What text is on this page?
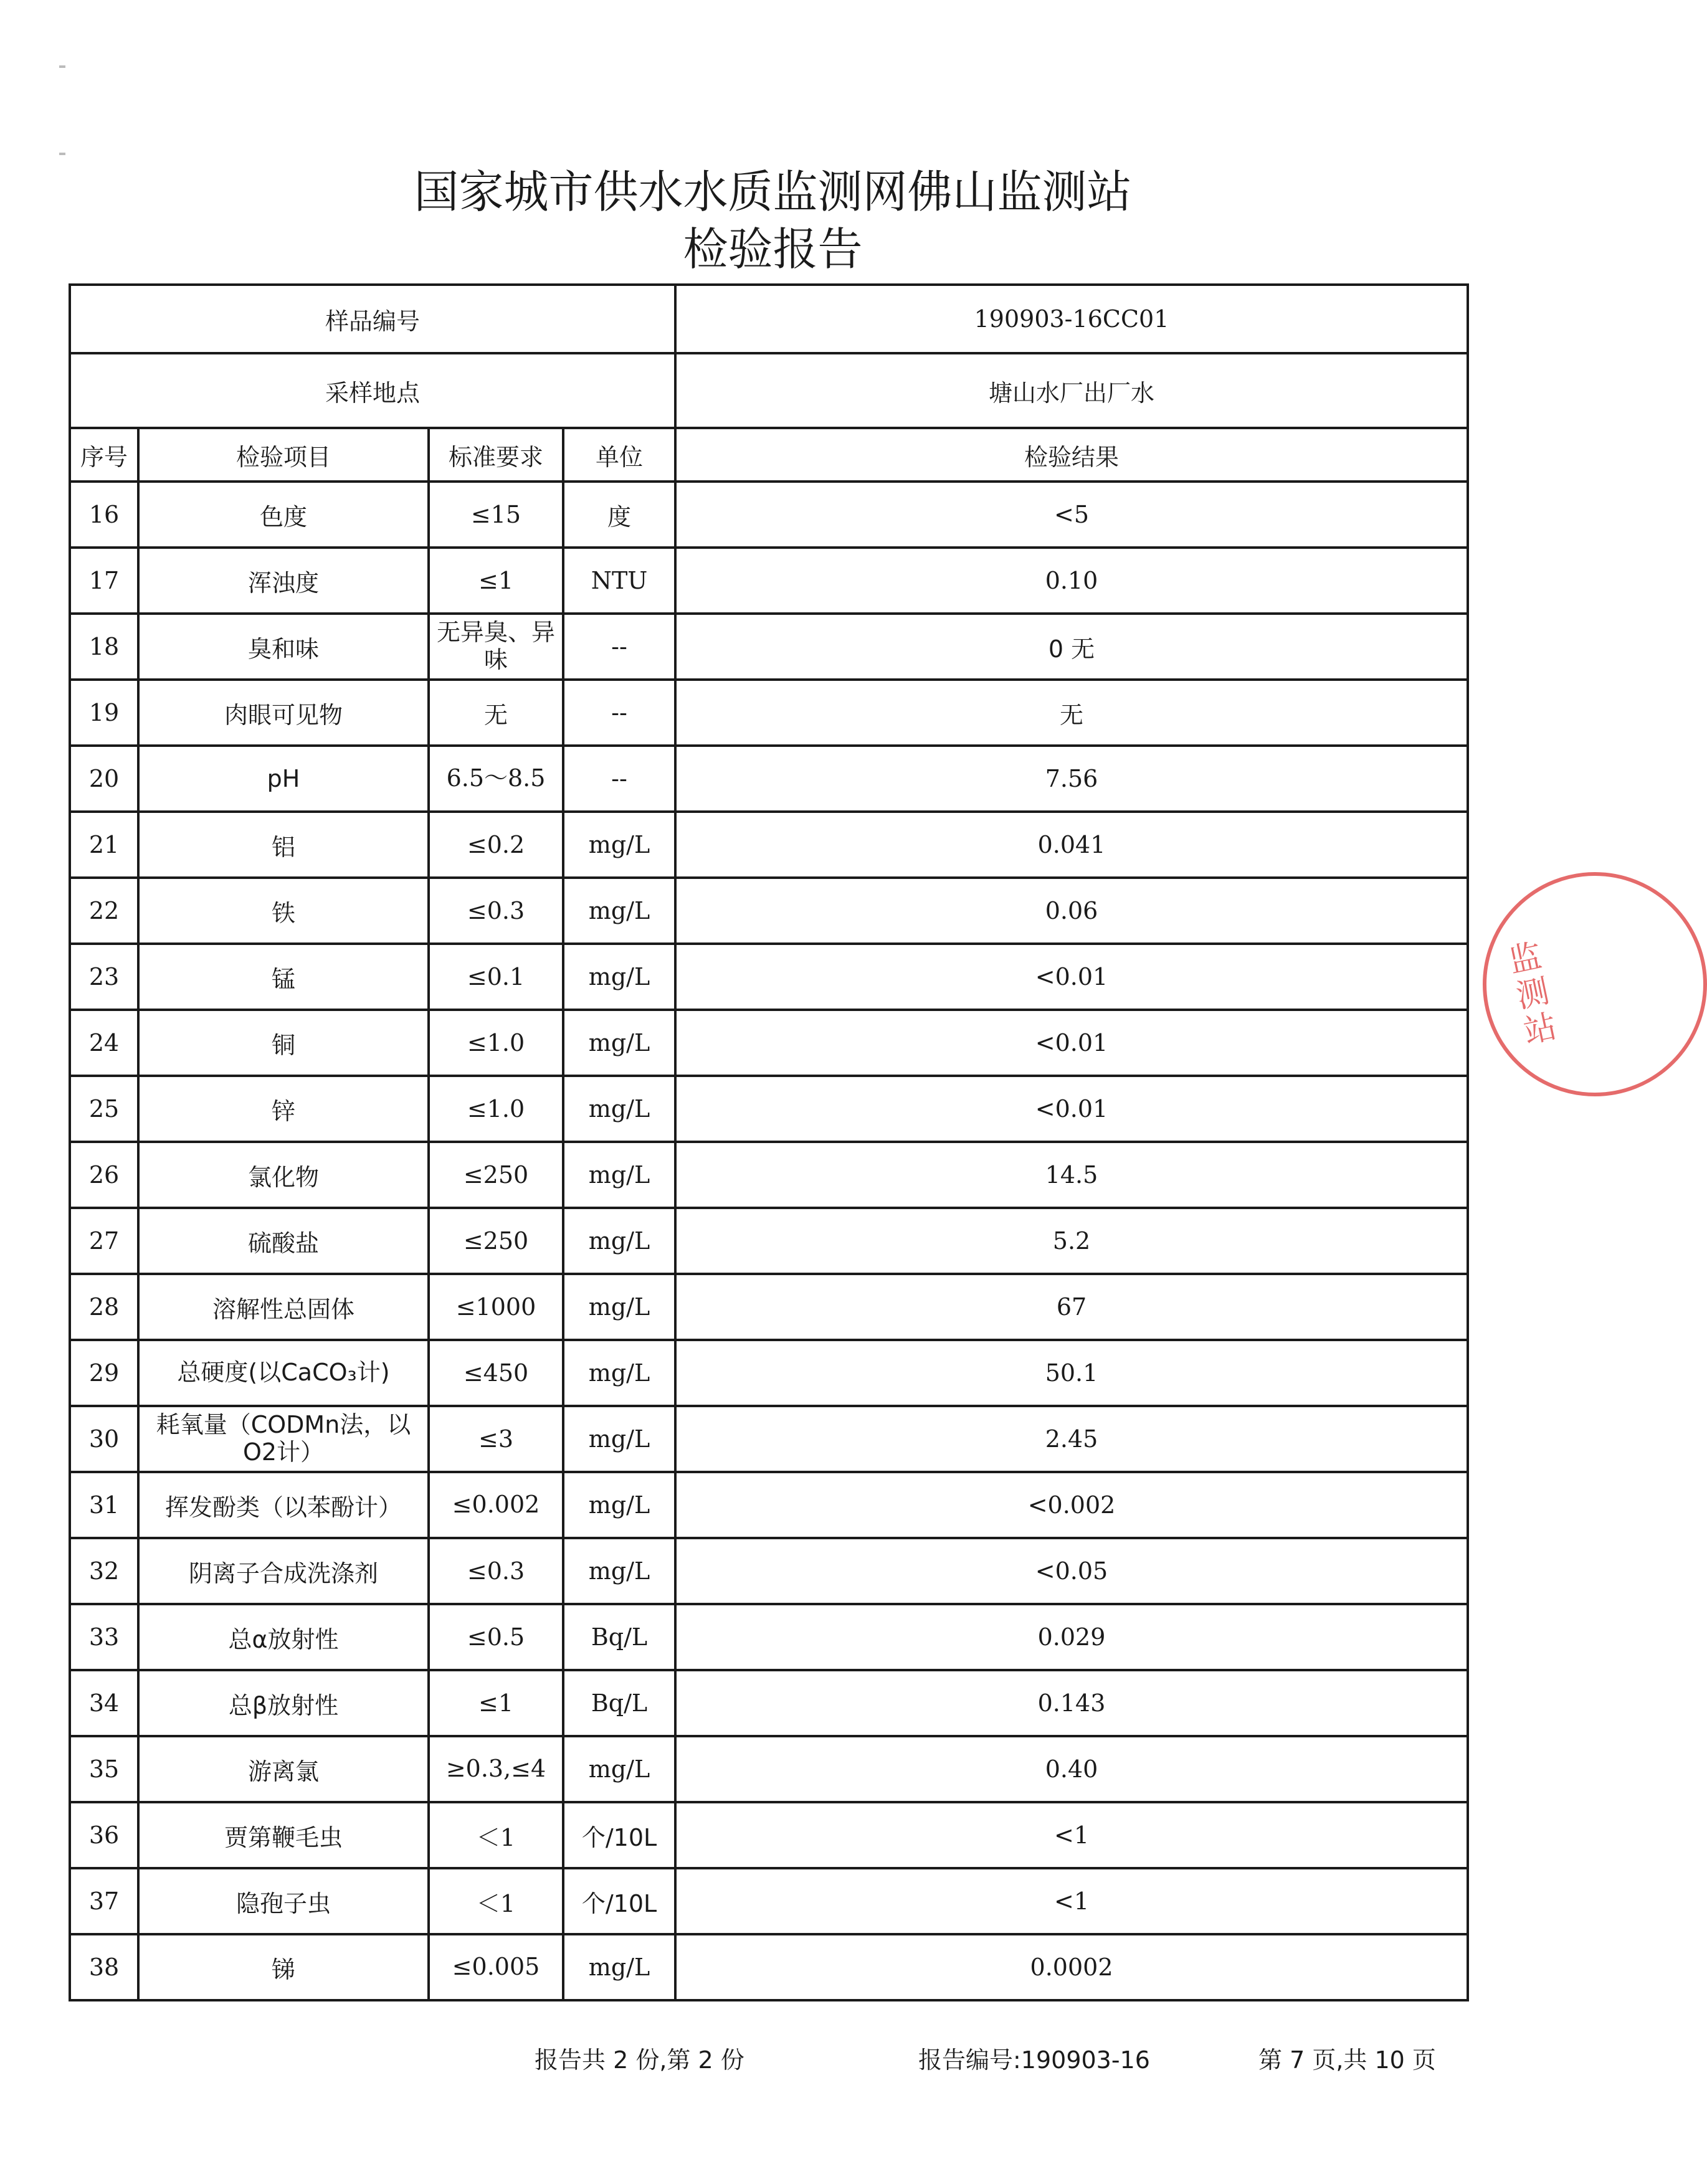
国家城市供水水质监测网佛山监测站
检验报告
样品编号				190903-16CC01
采样地点				塘山水厂出厂水
序号	检验项目	标准要求	单位	检验结果
16	色度	≤15	度	<5
17	浑浊度	≤1	NTU	0.10
18	臭和味	无异臭、异味	--	0 无
19	肉眼可见物	无	--	无
20	pH	6.5～8.5	--	7.56
21	铝	≤0.2	mg/L	0.041
22	铁	≤0.3	mg/L	0.06
23	锰	≤0.1	mg/L	<0.01
24	铜	≤1.0	mg/L	<0.01
25	锌	≤1.0	mg/L	<0.01
26	氯化物	≤250	mg/L	14.5
27	硫酸盐	≤250	mg/L	5.2
28	溶解性总固体	≤1000	mg/L	67
29	总硬度(以CaCO₃计)	≤450	mg/L	50.1
30	耗氧量（CODMn法，以O2计）	≤3	mg/L	2.45
31	挥发酚类（以苯酚计）	≤0.002	mg/L	<0.002
32	阴离子合成洗涤剂	≤0.3	mg/L	<0.05
33	总α放射性	≤0.5	Bq/L	0.029
34	总β放射性	≤1	Bq/L	0.143
35	游离氯	≥0.3,≤4	mg/L	0.40
36	贾第鞭毛虫	＜1	个/10L	<1
37	隐孢子虫	＜1	个/10L	<1
38	锑	≤0.005	mg/L	0.0002
监测站
报告共 2 份,第 2 份	报告编号:190903-16	第 7 页,共 10 页
